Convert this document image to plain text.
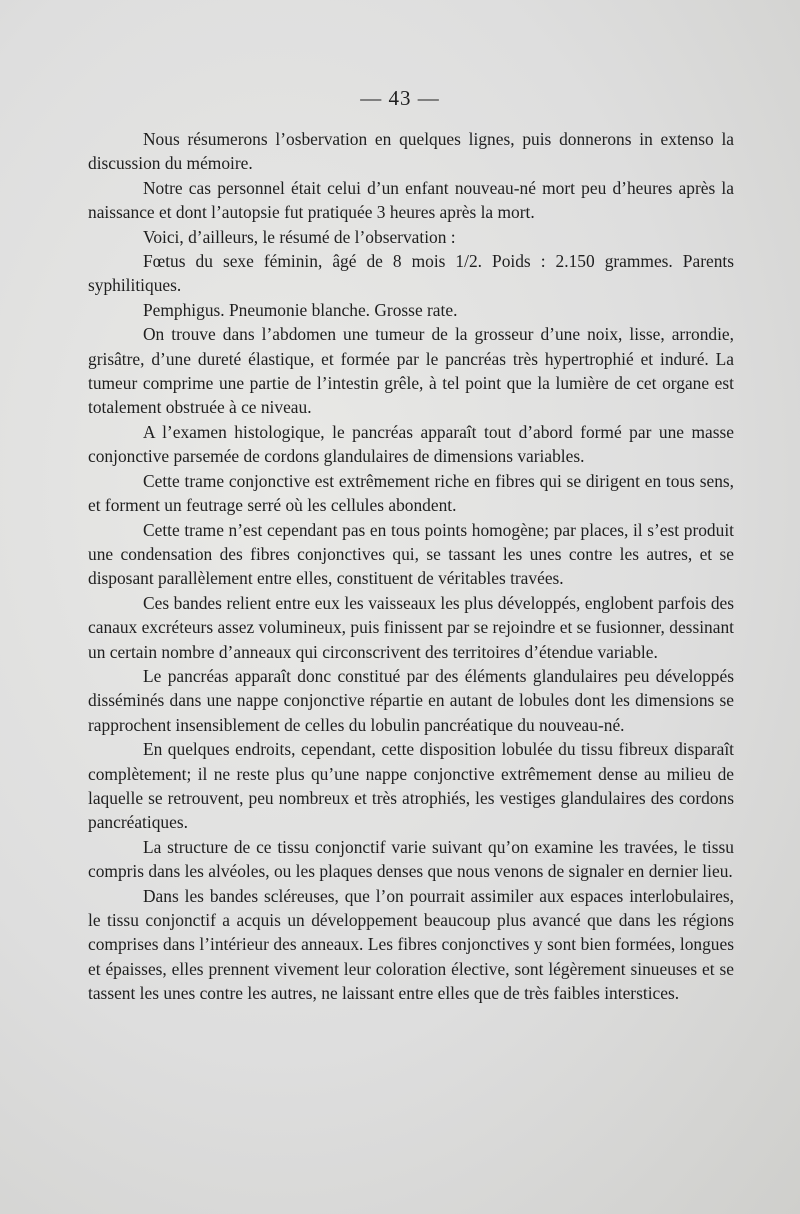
— 43 —

Nous résumerons l’osbervation en quelques lignes, puis donnerons in extenso la discussion du mémoire.

Notre cas personnel était celui d’un enfant nouveau-né mort peu d’heures après la naissance et dont l’autopsie fut pratiquée 3 heures après la mort.

Voici, d’ailleurs, le résumé de l’observation :

Fœtus du sexe féminin, âgé de 8 mois 1/2. Poids : 2.150 grammes. Parents syphilitiques.

Pemphigus. Pneumonie blanche. Grosse rate.

On trouve dans l’abdomen une tumeur de la grosseur d’une noix, lisse, arrondie, grisâtre, d’une dureté élastique, et formée par le pancréas très hypertrophié et induré. La tumeur comprime une partie de l’intestin grêle, à tel point que la lumière de cet organe est totalement obstruée à ce niveau.

A l’examen histologique, le pancréas apparaît tout d’abord formé par une masse conjonctive parsemée de cordons glandulaires de dimensions variables.

Cette trame conjonctive est extrêmement riche en fibres qui se dirigent en tous sens, et forment un feutrage serré où les cellules abondent.

Cette trame n’est cependant pas en tous points homogène; par places, il s’est produit une condensation des fibres conjonctives qui, se tassant les unes contre les autres, et se disposant parallèlement entre elles, constituent de véritables travées.

Ces bandes relient entre eux les vaisseaux les plus développés, englobent parfois des canaux excréteurs assez volumineux, puis finissent par se rejoindre et se fusionner, dessinant un certain nombre d’anneaux qui circonscrivent des territoires d’étendue variable.

Le pancréas apparaît donc constitué par des éléments glandulaires peu développés disséminés dans une nappe conjonctive répartie en autant de lobules dont les dimensions se rapprochent insensiblement de celles du lobulin pancréatique du nouveau-né.

En quelques endroits, cependant, cette disposition lobulée du tissu fibreux disparaît complètement; il ne reste plus qu’une nappe conjonctive extrêmement dense au milieu de laquelle se retrouvent, peu nombreux et très atrophiés, les vestiges glandulaires des cordons pancréatiques.

La structure de ce tissu conjonctif varie suivant qu’on examine les travées, le tissu compris dans les alvéoles, ou les plaques denses que nous venons de signaler en dernier lieu.

Dans les bandes scléreuses, que l’on pourrait assimiler aux espaces interlobulaires, le tissu conjonctif a acquis un développement beaucoup plus avancé que dans les régions comprises dans l’intérieur des anneaux. Les fibres conjonctives y sont bien formées, longues et épaisses, elles prennent vivement leur coloration élective, sont légèrement sinueuses et se tassent les unes contre les autres, ne laissant entre elles que de très faibles interstices.
